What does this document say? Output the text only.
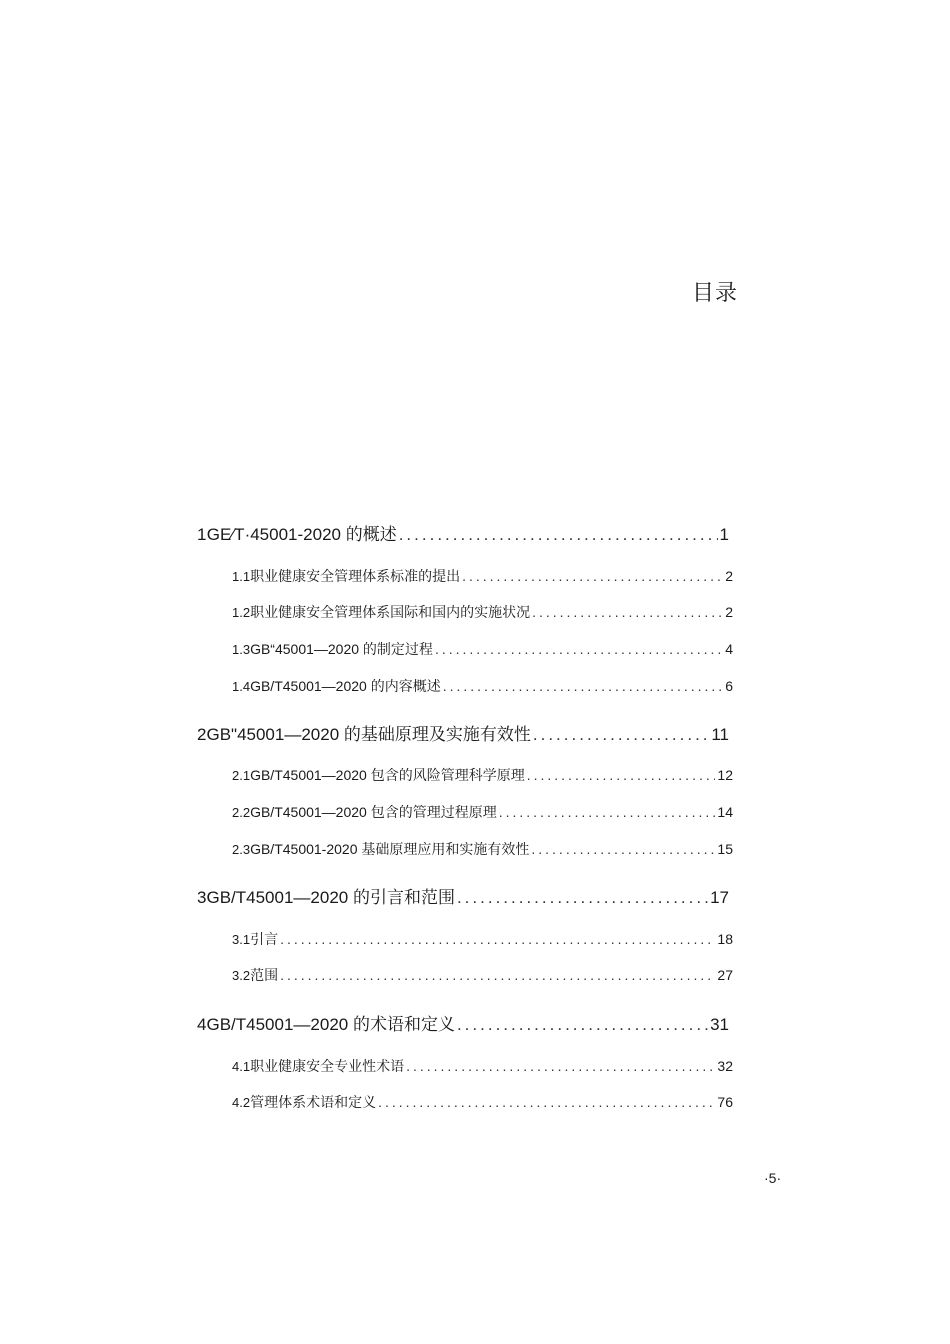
目录
1 GE∕T·45001-2020 的概述 .....	1
1.1 职业健康安全管理体系标准的提出 .....	2
1.2 职业健康安全管理体系国际和国内的实施状况 .....	2
1.3 GB“45001—2020 的制定过程 .....	4
1.4 GB/T45001—2020 的内容概述 .....	6
2 GB"45001—2020 的基础原理及实施有效性 .....	11
2.1 GB/T45001—2020 包含的风险管理科学原理 .....	12
2.2 GB/T45001—2020 包含的管理过程原理 .....	14
2.3 GB/T45001-2020 基础原理应用和实施有效性 .....	15
3 GB/T45001—2020 的引言和范围 .....	17
3.1 引言 .....	18
3.2 范围 .....	27
4 GB/T45001—2020 的术语和定义 .....	31
4.1 职业健康安全专业性术语 .....	32
4.2 管理体系术语和定义 .....	76
·5·
